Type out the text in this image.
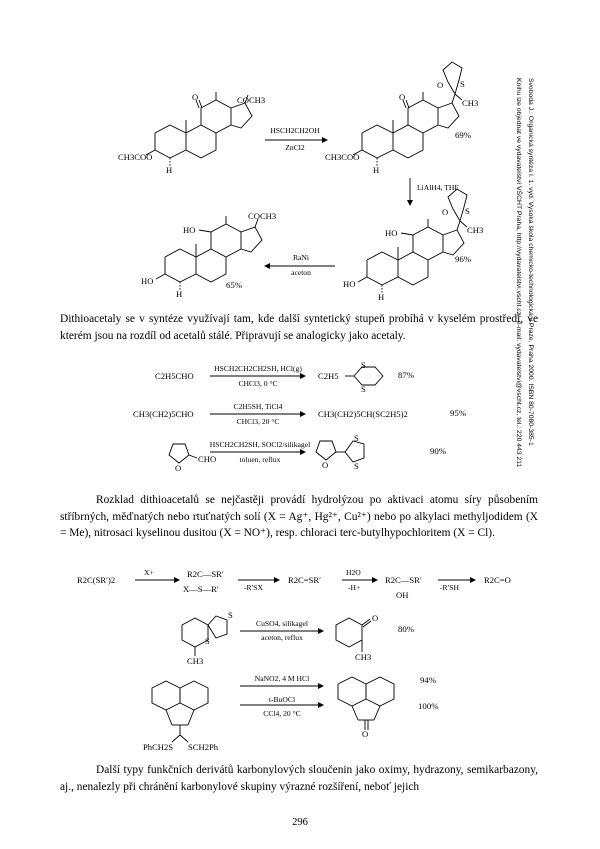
Svoboda J.: Organická syntéza I. 1. vyd. Vysoká škola chemicko-technologická v Praze, Praha 2000. ISBN 80-7080-385-1
Knihu lze objednat ve vydavatelství VŠCHT Praha, http://vydavatelstvi.vscht.cz/, e-mail: vydavatelstvi@vscht.cz, tel.: 220 443 211
COCH3
O
CH3COO
H
HSCH2CH2OH
ZnCl2
O
O S
CH3
CH3COO
H
69%
LiAlH4, THF
HO
O S
CH3
HO
H
96%
RaNi
aceton
HO
COCH3
HO
H
65%
Dithioacetaly se v syntéze využívají tam, kde další syntetický stupeň probíhá v kyselém prostředí, ve kterém jsou na rozdíl od acetalů stálé. Připravují se analogicky jako acetaly.
C2H5CHO
HSCH2CH2CH2SH, HCl(g)
CHCl3, 0 °C
C2H5
S
S
87%
CH3(CH2)5CHO
C2H5SH, TiCl4
CHCl3, 20 °C
CH3(CH2)5CH(SC2H5)2	95%
O
CHO
HSCH2CH2SH, SOCl2/silikagel
toluen, reflux
O
S
S
90%
Rozklad dithioacetalů se nejčastěji provádí hydrolýzou po aktivaci atomu síry působením stříbrných, měďnatých nebo rtuťnatých solí (X = Ag⁺, Hg²⁺, Cu²⁺) nebo po alkylaci methyljodidem (X = Me), nitrosaci kyselinou dusitou (X = NO⁺), resp. chloraci terc-butylhypochloritem (X = Cl).
R2C(SR′)2
X+	R2C—SR′
X—S—R′	-R′SX
R2C=SR′
H2O
-H+
R2C—SR′
OH
-R′SH
R2C=O
S
S
CH3
CuSO4, silikagel
aceton, reflux
O
CH3
80%
PhCH2S SCH2Ph
NaNO2, 4 M HCl	94%
t-BuOCl
CCl4, 20 °C
100%
O
Další typy funkčních derivátů karbonylových sloučenin jako oximy, hydrazony, semikarbazony, aj., nenalezly při chránění karbonylové skupiny výrazné rozšíření, neboť jejich
296
